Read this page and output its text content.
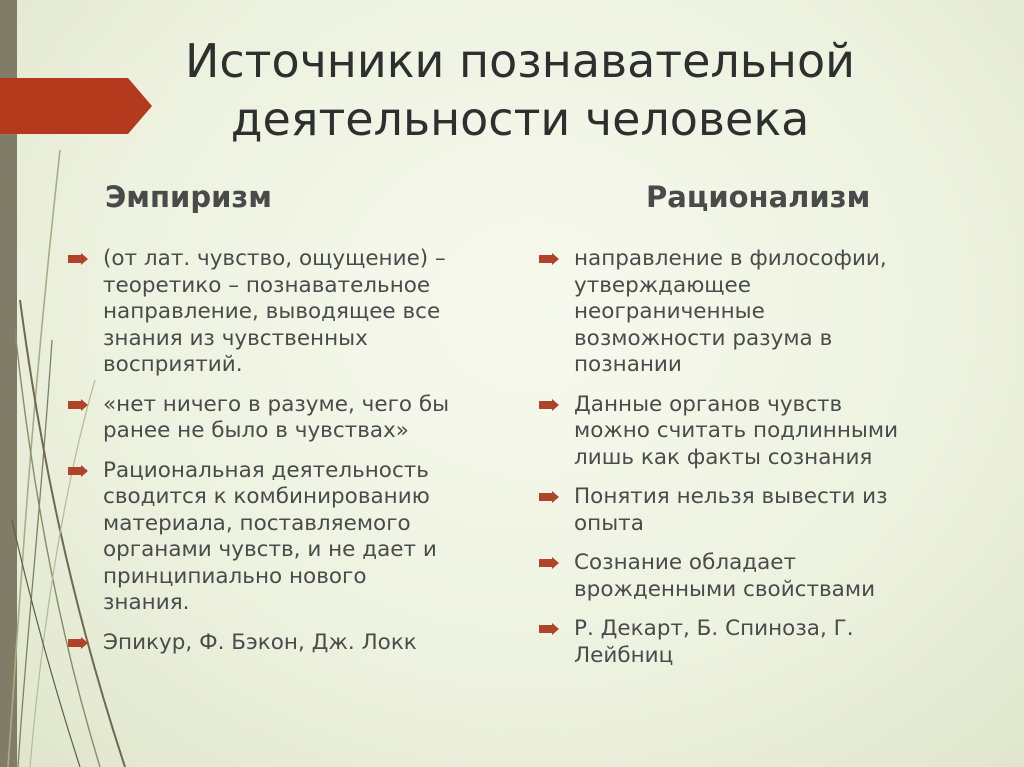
Источники познавательной
деятельности человека
Эмпиризм	Рационализм
(от лат. чувство, ощущение) –
теоретико – познавательное
направление, выводящее все
знания из чувственных
восприятий.
«нет ничего в разуме, чего бы
ранее не было в чувствах»
Рациональная деятельность
сводится к комбинированию
материала, поставляемого
органами чувств, и не дает и
принципиально нового
знания.
Эпикур, Ф. Бэкон, Дж. Локк
направление в философии,
утверждающее
неограниченные
возможности разума в
познании
Данные органов чувств
можно считать подлинными
лишь как факты сознания
Понятия нельзя вывести из
опыта
Сознание обладает
врожденными свойствами
Р. Декарт, Б. Спиноза, Г.
Лейбниц
